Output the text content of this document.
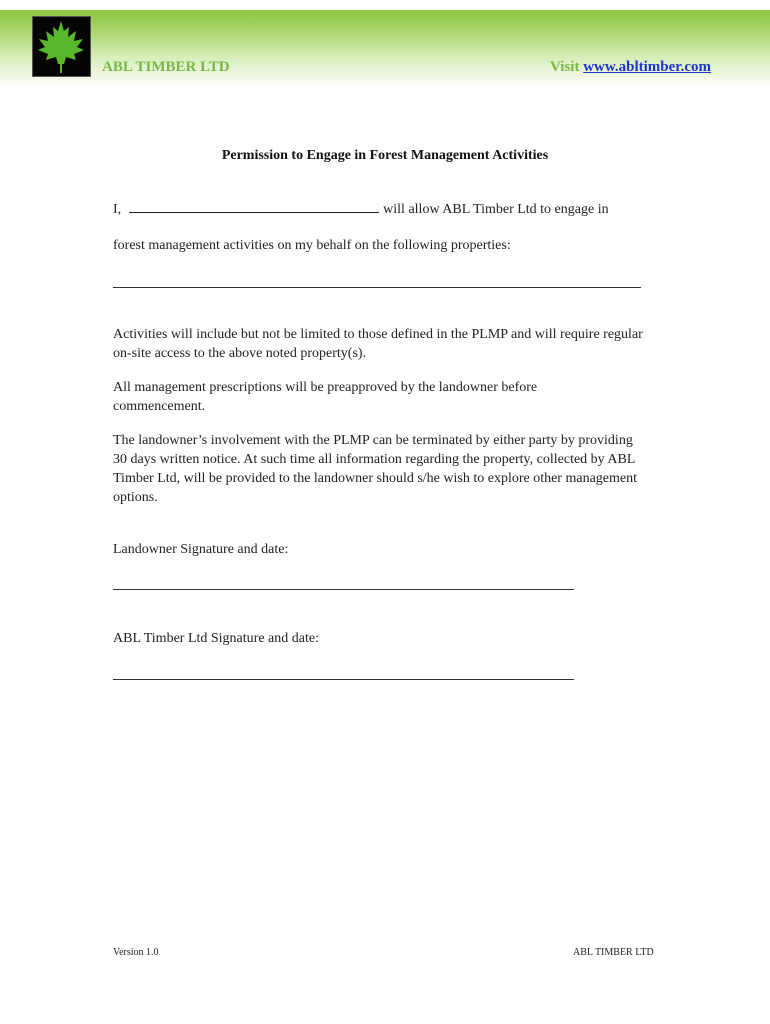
ABL TIMBER LTD	Visit www.abltimber.com
Permission to Engage in Forest Management Activities
I,	will allow ABL Timber Ltd to engage in
forest management activities on my behalf on the following properties:
Activities will include but not be limited to those defined in the PLMP and will require regular on-site access to the above noted property(s).
All management prescriptions will be preapproved by the landowner before commencement.
The landowner’s involvement with the PLMP can be terminated by either party by providing 30 days written notice. At such time all information regarding the property, collected by ABL Timber Ltd, will be provided to the landowner should s/he wish to explore other management options.
Landowner Signature and date:
ABL Timber Ltd Signature and date:
Version 1.0	ABL TIMBER LTD
